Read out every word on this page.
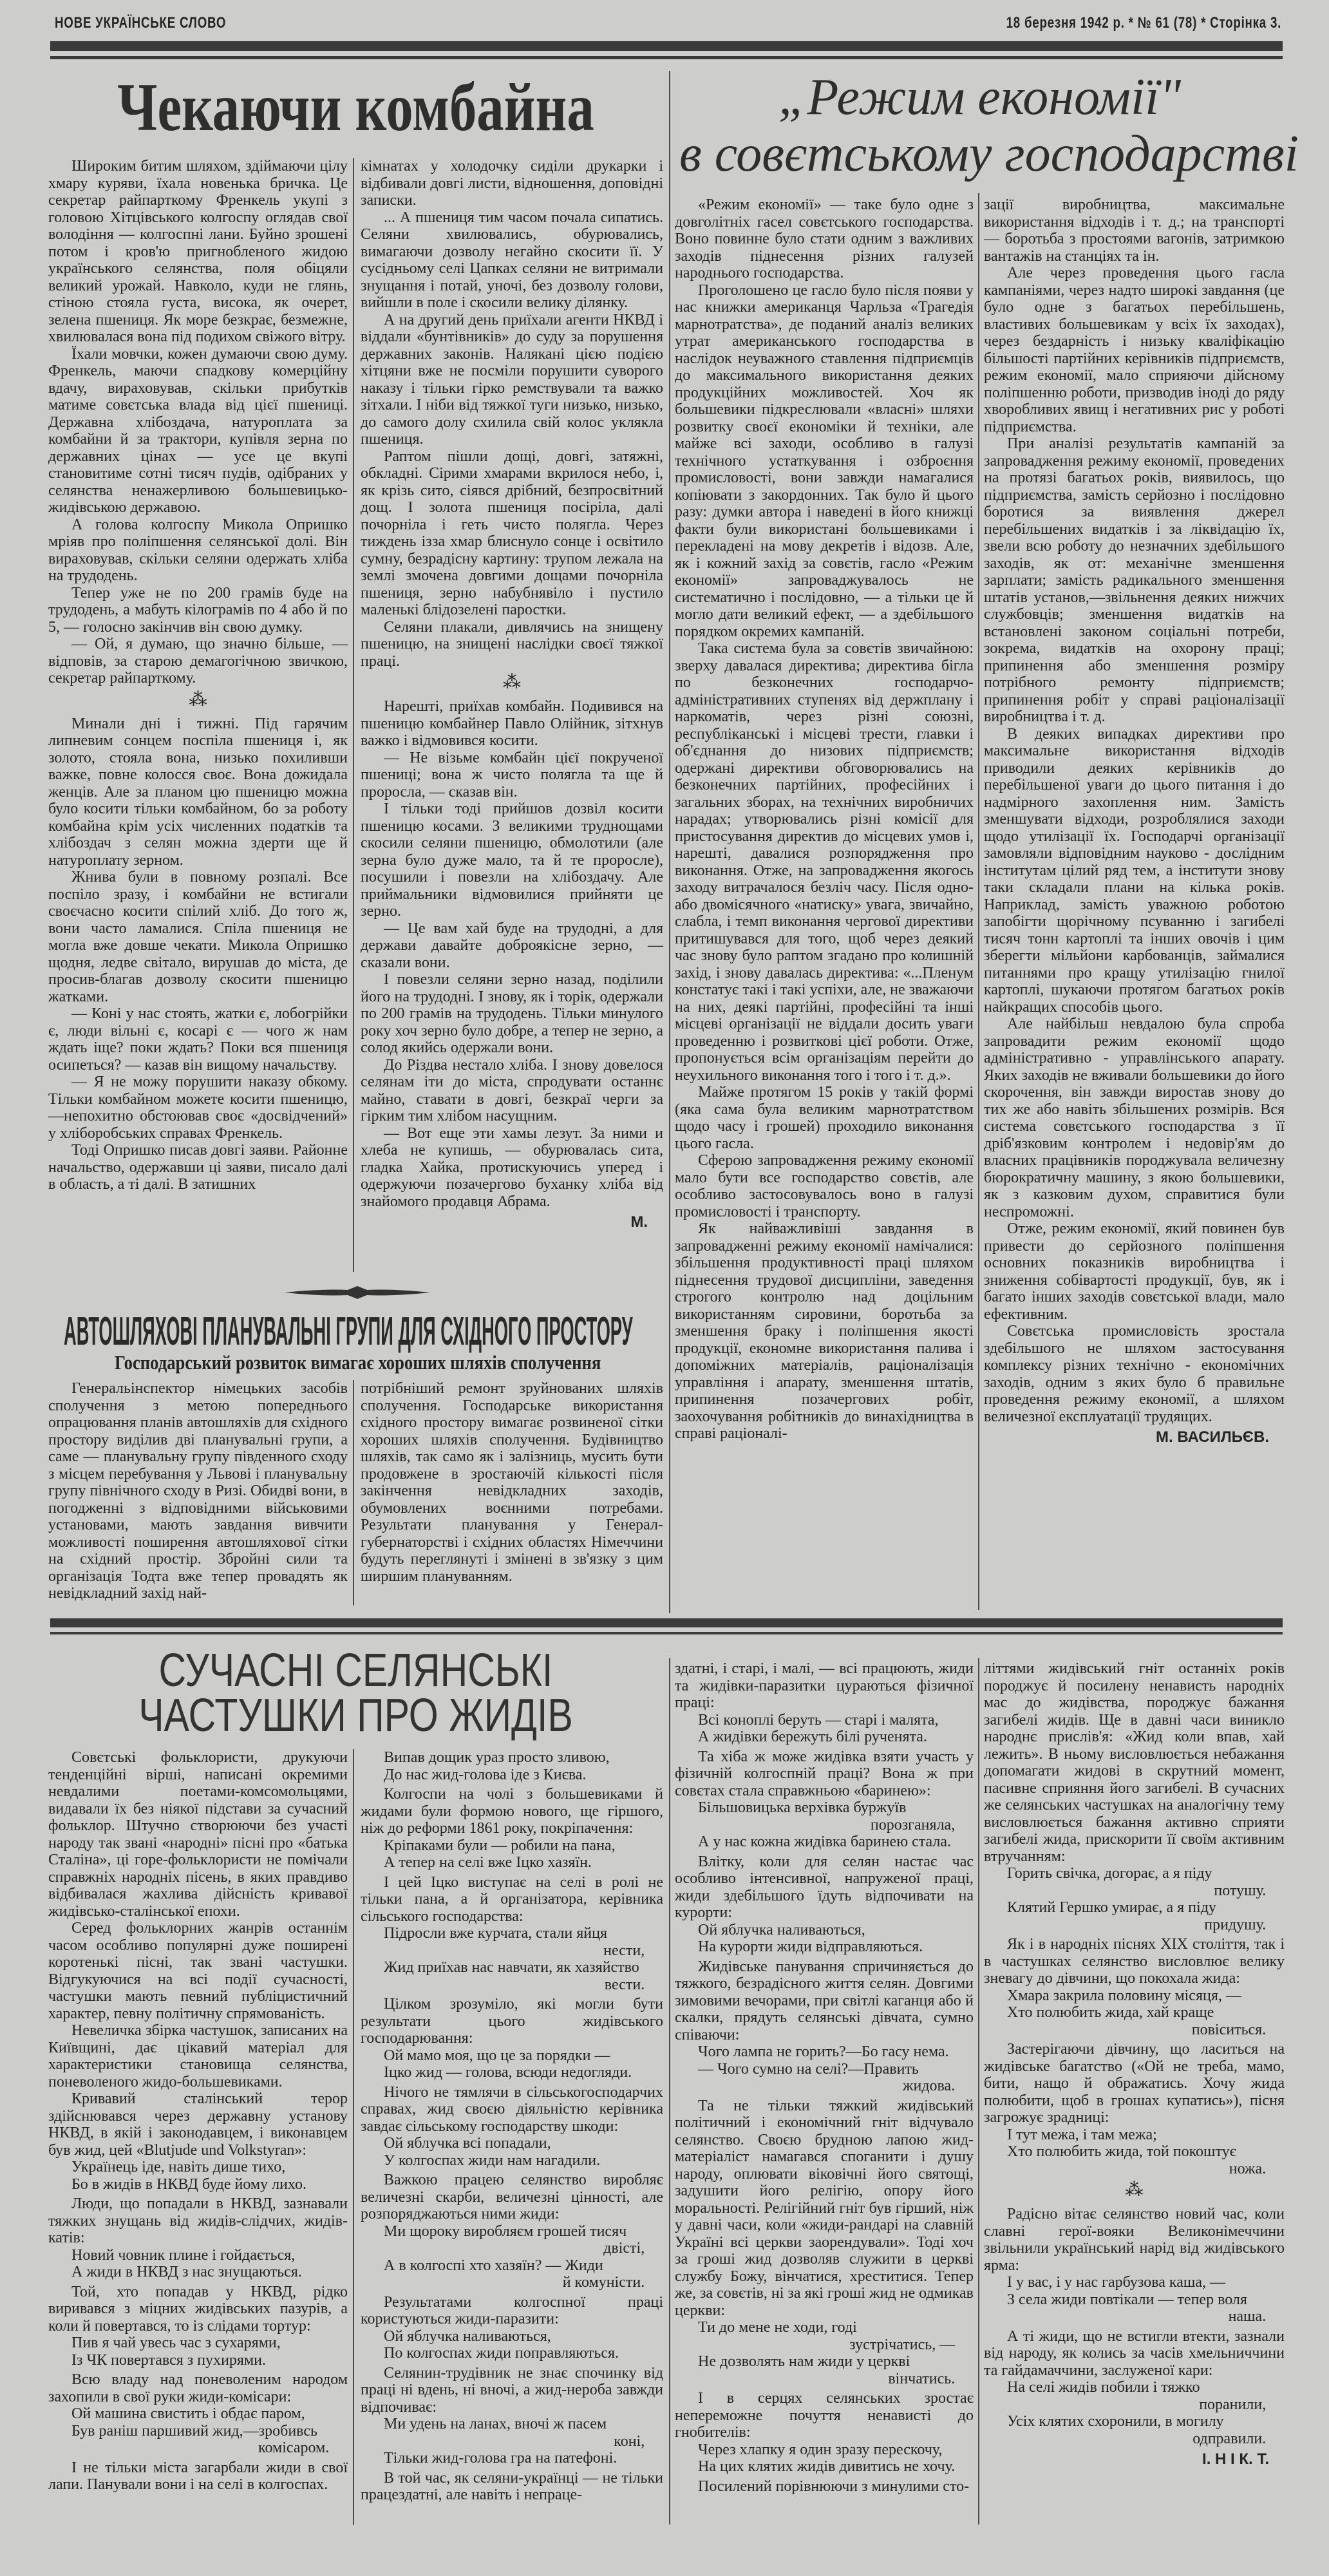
НОВЕ УКРАЇНСЬКЕ СЛОВО	18 березня 1942 р. * № 61 (78) * Сторінка 3.
Чекаючи комбайна

Широким битим шляхом, здіймаючи цілу хмару куряви, їхала новенька бричка. Це секретар райпарткому Френкель укупі з головою Хітцівського колгоспу оглядав свої володіння — колгоспні лани. Буйно зрошені потом і кров'ю пригнобленого жидою українського селянства, поля обіцяли великий урожай. Навколо, куди не глянь, стіною стояла густа, висока, як очерет, зелена пшениця. Як море безкрає, безмежне, хвилювалася вона під подихом свіжого вітру.

Їхали мовчки, кожен думаючи свою думу. Френкель, маючи спадкову комерційну вдачу, вираховував, скільки прибутків матиме совєтська влада від цієї пшениці. Державна хлібоздача, натуроплата за комбайни й за трактори, купівля зерна по державних цінах — усе це вкупі становитиме сотні тисяч пудів, одібраних у селянства ненажерливою большевицько-жидівською державою.

А голова колгоспу Микола Опришко мріяв про поліпшення селянської долі. Він вираховував, скільки селяни одержать хліба на трудодень.

Тепер уже не по 200 грамів буде на трудодень, а мабуть кілограмів по 4 або й по 5, — голосно закінчив він свою думку.

— Ой, я думаю, що значно більше, — відповів, за старою демагогічною звичкою, секретар райпарткому.

⁂

Минали дні і тижні. Під гарячим липневим сонцем поспіла пшениця і, як золото, стояла вона, низько похиливши важке, повне колосся своє. Вона дожидала женців. Але за планом цю пшеницю можна було косити тільки комбайном, бо за роботу комбайна крім усіх численних податків та хлібоздач з селян можна здерти ще й натуроплату зерном.

Жнива були в повному розпалі. Все поспіло зразу, і комбайни не встигали своєчасно косити спілий хліб. До того ж, вони часто ламалися. Спіла пшениця не могла вже довше чекати. Микола Опришко щодня, ледве світало, вирушав до міста, де просив-благав дозволу скосити пшеницю жатками.

— Коні у нас стоять, жатки є, лобогрійки є, люди вільні є, косарі є — чого ж нам ждать іще? поки ждать? Поки вся пшениця осипеться? — казав він вищому начальству.

— Я не можу порушити наказу обкому. Тільки комбайном можете косити пшеницю,—непохитно обстоював своє «досвідчений» у хліборобських справах Френкель.

Тоді Опришко писав довгі заяви. Районне начальство, одержавши ці заяви, писало далі в область, а ті далі. В затишних

кімнатах у холодочку сиділи друкарки і відбивали довгі листи, відношення, доповідні записки.

... А пшениця тим часом почала сипатись. Селяни хвилювались, обурювались, вимагаючи дозволу негайно скосити її. У сусідньому селі Цапках селяни не витримали знущання і потай, уночі, без дозволу голови, вийшли в поле і скосили велику ділянку.

А на другий день приїхали агенти НКВД і віддали «бунтівників» до суду за порушення державних законів. Налякані цією подією хітцяни вже не посміли порушити суворого наказу і тільки гірко ремствували та важко зітхали. І ніби від тяжкої туги низько, низько, до самого долу схилила свій колос уклякла пшениця.

Раптом пішли дощі, довгі, затяжні, обкладні. Сірими хмарами вкрилося небо, і, як крізь сито, сіявся дрібний, безпросвітний дощ. І золота пшениця посіріла, далі почорніла і геть чисто полягла. Через тиждень ізза хмар блиснуло сонце і освітило сумну, безрадісну картину: трупом лежала на землі змочена довгими дощами почорніла пшениця, зерно набубнявіло і пустило маленькі блідозелені паростки.

Селяни плакали, дивлячись на знищену пшеницю, на знищені наслідки своєї тяжкої праці.

⁂

Нарешті, приїхав комбайн. Подивився на пшеницю комбайнер Павло Олійник, зітхнув важко і відмовився косити.

— Не візьме комбайн цієї покрученої пшениці; вона ж чисто полягла та ще й проросла, — сказав він.

І тільки тоді прийшов дозвіл косити пшеницю косами. З великими труднощами скосили селяни пшеницю, обмолотили (але зерна було дуже мало, та й те проросле), посушили і повезли на хлібоздачу. Але приймальники відмовилися прийняти це зерно.

— Це вам хай буде на трудодні, а для держави давайте доброякісне зерно, — сказали вони.

І повезли селяни зерно назад, поділили його на трудодні. І знову, як і торік, одержали по 200 грамів на трудодень. Тільки минулого року хоч зерно було добре, а тепер не зерно, а солод якийсь одержали вони.

До Різдва нестало хліба. І знову довелося селянам іти до міста, спродувати останнє майно, ставати в довгі, безкраї черги за гірким тим хлібом насущним.

— Вот еще эти хамы лезут. За ними и хлеба не купишь, — обурювалась сита, гладка Хайка, протискуючись уперед і одержуючи позачергово буханку хліба від знайомого продавця Абрама.

М.

АВТОШЛЯХОВІ ПЛАНУВАЛЬНІ ГРУПИ ДЛЯ СХІДНОГО ПРОСТОРУ
Господарський розвиток вимагає хороших шляхів сполучення

Генеральінспектор німецьких засобів сполучення з метою попереднього опрацювання планів автошляхів для східного простору виділив дві планувальні групи, а саме — планувальну групу південного сходу з місцем перебування у Львові і планувальну групу північного сходу в Ризі. Обидві вони, в погодженні з відповідними військовими установами, мають завдання вивчити можливості поширення автошляхової сітки на східний простір. Збройні сили та організація Тодта вже тепер провадять як невідкладний захід най-

потрібніший ремонт зруйнованих шляхів сполучення. Господарське використання східного простору вимагає розвиненої сітки хороших шляхів сполучення. Будівництво шляхів, так само як і залізниць, мусить бути продовжене в зростаючій кількості після закінчення невідкладних заходів, обумовлених воєнними потребами. Результати планування у Генерал-губернаторстві і східних областях Німеччини будуть переглянуті і змінені в зв'язку з цим ширшим плануванням.

„Режим економії"
в совєтському господарстві

«Режим економії» — таке було одне з довголітніх гасел совєтського господарства. Воно повинне було стати одним з важливих заходів піднесення різних галузей народнього господарства.

Проголошено це гасло було після появи у нас книжки американця Чарльза «Трагедія марнотратства», де поданий аналіз великих утрат американського господарства в наслідок неуважного ставлення підприємців до максимального використання деяких продукційних можливостей. Хоч як большевики підкреслювали «власні» шляхи розвитку своєї економіки й техніки, але майже всі заходи, особливо в галузі технічного устаткування і озброєння промисловості, вони завжди намагалися копіювати з закордонних. Так було й цього разу: думки автора і наведені в його книжці факти були використані большевиками і перекладені на мову декретів і відозв. Але, як і кожний захід за совєтів, гасло «Режим економії» запроваджувалось не систематично і послідовно, — а тільки це й могло дати великий ефект, — а здебільшого порядком окремих кампаній.

Така система була за совєтів звичайною: зверху давалася директива; директива бігла по безконечних господарчо-адміністративних ступенях від держплану і наркоматів, через різні союзні, республіканські і місцеві трести, главки і об'єднання до низових підприємств; одержані директиви обговорювались на безконечних партійних, професійних і загальних зборах, на технічних виробничих нарадах; утворювались різні комісії для пристосування директив до місцевих умов і, нарешті, давалися розпорядження про виконання. Отже, на запровадження якогось заходу витрачалося безліч часу. Після одно- або двомісячного «натиску» увага, звичайно, слабла, і темп виконання чергової директиви притишувався для того, щоб через деякий час знову було раптом згадано про колишній захід, і знову давалась директива: «...Пленум констатує такі і такі успіхи, але, не зважаючи на них, деякі партійні, професійні та інші місцеві організації не віддали досить уваги проведенню і розвиткові цієї роботи. Отже, пропонується всім організаціям перейти до неухильного виконання того і того і т. д.».

Майже протягом 15 років у такій формі (яка сама була великим марнотратством щодо часу і грошей) проходило виконання цього гасла.

Сферою запровадження режиму економії мало бути все господарство совєтів, але особливо застосовувалось воно в галузі промисловості і транспорту.

Як найважливіші завдання в запровадженні режиму економії намічалися: збільшення продуктивності праці шляхом піднесення трудової дисципліни, заведення строгого контролю над доцільним використанням сировини, боротьба за зменшення браку і поліпшення якості продукції, економне використання палива і допоміжних матеріалів, раціоналізація управління і апарату, зменшення штатів, припинення позачергових робіт, заохочування робітників до винахідництва в справі раціоналі-

зації виробництва, максимальне використання відходів і т. д.; на транспорті — боротьба з простоями вагонів, затримкою вантажів на станціях та ін.

Але через проведення цього гасла кампаніями, через надто широкі завдання (це було одне з багатьох перебільшень, властивих большевикам у всіх їх заходах), через бездарність і низьку кваліфікацію більшості партійних керівників підприємств, режим економії, мало сприяючи дійсному поліпшенню роботи, призводив іноді до ряду хворобливих явищ і негативних рис у роботі підприємства.

При аналізі результатів кампаній за запровадження режиму економії, проведених на протязі багатьох років, виявилось, що підприємства, замість серйозно і послідовно боротися за виявлення джерел перебільшених видатків і за ліквідацію їх, звели всю роботу до незначних здебільшого заходів, як от: механічне зменшення зарплати; замість радикального зменшення штатів установ,—звільнення деяких нижчих службовців; зменшення видатків на встановлені законом соціальні потреби, зокрема, видатків на охорону праці; припинення або зменшення розміру потрібного ремонту підприємств; припинення робіт у справі раціоналізації виробництва і т. д.

В деяких випадках директиви про максимальне використання відходів приводили деяких керівників до перебільшеної уваги до цього питання і до надмірного захоплення ним. Замість зменшувати відходи, розроблялися заходи щодо утилізації їх. Господарчі організації замовляли відповідним науково - дослідним інститутам цілий ряд тем, а інститути знову таки складали плани на кілька років. Наприклад, замість уважною роботою запобігти щорічному псуванню і загибелі тисяч тонн картоплі та інших овочів і цим зберегти мільйони карбованців, займалися питаннями про кращу утилізацію гнилої картоплі, шукаючи протягом багатьох років найкращих способів цього.

Але найбільш невдалою була спроба запровадити режим економії щодо адміністративно - управлінського апарату. Яких заходів не вживали большевики до його скорочення, він завжди виростав знову до тих же або навіть збільшених розмірів. Вся система совєтського господарства з її дріб'язковим контролем і недовір'ям до власних працівників породжувала величезну бюрократичну машину, з якою большевики, як з казковим духом, справитися були неспроможні.

Отже, режим економії, який повинен був привести до серйозного поліпшення основних показників виробництва і зниження собівартості продукції, був, як і багато інших заходів совєтської влади, мало ефективним.

Совєтська промисловість зростала здебільшого не шляхом застосування комплексу різних технічно - економічних заходів, одним з яких було б правильне проведення режиму економії, а шляхом величезної експлуатації трудящих.

М. ВАСИЛЬЄВ.

СУЧАСНІ СЕЛЯНСЬКІ
ЧАСТУШКИ ПРО ЖИДІВ

Совєтські фольклористи, друкуючи тенденційні вірші, написані окремими невдалими поетами-комсомольцями, видавали їх без ніякої підстави за сучасний фольклор. Штучно створюючи без участі народу так звані «народні» пісні про «батька Сталіна», ці горе-фольклористи не помічали справжніх народніх пісень, в яких правдиво відбивалася жахлива дійсність кривавої жидівсько-сталінської епохи.

Серед фольклорних жанрів останнім часом особливо популярні дуже поширені коротенькі пісні, так звані частушки. Відгукуючися на всі події сучасності, частушки мають певний публіцистичний характер, певну політичну спрямованість.

Невеличка збірка частушок, записаних на Київщині, дає цікавий матеріал для характеристики становища селянства, поневоленого жидо-большевиками.

Кривавий сталінський терор здійснювався через державну установу НКВД, в якій і законодавцем, і виконавцем був жид, цей «Blutjude und Volkstyran»:

Українець іде, навіть дише тихо,

Бо в жидів в НКВД буде йому лихо.

Люди, що попадали в НКВД, зазнавали тяжких знущань від жидів-слідчих, жидів-катів:

Новий човник плине і гойдається,

А жиди в НКВД з нас знущаються.

Той, хто попадав у НКВД, рідко виривався з міцних жидівських пазурів, а коли й повертався, то із слідами тортур:

Пив я чай увесь час з сухарями,

Із ЧК повертався з пухирями.

Всю владу над поневоленим народом захопили в свої руки жиди-комісари:

Ой машина свистить і обдає паром,

Був раніш паршивий жид,—зробивсь

комісаром.

І не тільки міста загарбали жиди в свої лапи. Панували вони і на селі в колгоспах.

Випав дощик ураз просто зливою,

До нас жид-голова іде з Києва.

Колгоспи на чолі з большевиками й жидами були формою нового, ще гіршого, ніж до реформи 1861 року, покріпачення:

Кріпаками були — робили на пана,

А тепер на селі вже Іцко хазяїн.

І цей Іцко виступає на селі в ролі не тільки пана, а й організатора, керівника сільського господарства:

Підросли вже курчата, стали яйця

нести,

Жид приїхав нас навчати, як хазяйство

вести.

Цілком зрозуміло, які могли бути результати цього жидівського господарювання:

Ой мамо моя, що це за порядки —

Іцко жид — голова, всюди недогляди.

Нічого не тямлячи в сільськогосподарчих справах, жид своєю діяльністю керівника завдає сільському господарству шкоди:

Ой яблучка всі попадали,

У колгоспах жиди нам нагадили.

Важкою працею селянство виробляє величезні скарби, величезні цінності, але розпоряджаються ними жиди:

Ми щороку виробляєм грошей тисяч

двісті,

А в колгоспі хто хазяїн? — Жиди

й комуністи.

Результатами колгоспної праці користуються жиди-паразити:

Ой яблучка наливаються,

По колгоспах жиди поправляються.

Селянин-трудівник не знає спочинку від праці ні вдень, ні вночі, а жид-нероба завжди відпочиває:

Ми удень на ланах, вночі ж пасем

коні,

Тільки жид-голова гра на патефоні.

В той час, як селяни-українці — не тільки працездатні, але навіть і непраце-

здатні, і старі, і малі, — всі працюють, жиди та жидівки-паразитки цураються фізичної праці:

Всі коноплі беруть — старі і малята,

А жидівки бережуть білі рученята.

Та хіба ж може жидівка взяти участь у фізичній колгоспній праці? Вона ж при совєтах стала справжньою «баринею»:

Більшовицька верхівка буржуїв

порозганяла,

А у нас кожна жидівка баринею стала.

Влітку, коли для селян настає час особливо інтенсивної, напруженої праці, жиди здебільшого їдуть відпочивати на курорти:

Ой яблучка наливаються,

На курорти жиди відправляються.

Жидівське панування спричиняється до тяжкого, безрадісного життя селян. Довгими зимовими вечорами, при світлі каганця або й скалки, прядуть селянські дівчата, сумно співаючи:

Чого лампа не горить?—Бо гасу нема.

— Чого сумно на селі?—Править

жидова.

Та не тільки тяжкий жидівський політичний і економічний гніт відчувало селянство. Своєю брудною лапою жид-матеріаліст намагався споганити і душу народу, оплювати віковічні його святощі, задушити його релігію, опору його моральності. Релігійний гніт був гірший, ніж у давні часи, коли «жиди-рандарі на славній Україні всі церкви заорендували». Тоді хоч за гроші жид дозволяв служити в церкві службу Божу, вінчатися, хреститися. Тепер же, за совєтів, ні за які гроші жид не одмикав церкви:

Ти до мене не ходи, годі

зустрічатись, —

Не дозволять нам жиди у церкві

вінчатись.

І в серцях селянських зростає непереможне почуття ненависті до гнобителів:

Через хлапку я один зразу перескочу,

На цих клятих жидів дивитись не хочу.

Посилений порівнюючи з минулими сто-

літтями жидівський гніт останніх років породжує й посилену ненависть народніх мас до жидівства, породжує бажання загибелі жидів. Ще в давні часи виникло народнє прислів'я: «Жид коли впав, хай лежить». В ньому висловлюється небажання допомагати жидові в скрутний момент, пасивне сприяння його загибелі. В сучасних же селянських частушках на аналогічну тему висловлюється бажання активно сприяти загибелі жида, прискорити її своїм активним втручанням:

Горить свічка, догорає, а я піду

потушу.

Клятий Гершко умирає, а я піду

придушу.

Як і в народніх піснях XIX століття, так і в частушках селянство висловлює велику зневагу до дівчини, що покохала жида:

Хмара закрила половину місяця, —

Хто полюбить жида, хай краще

повіситься.

Застерігаючи дівчину, що ласиться на жидівське багатство («Ой не треба, мамо, бити, нащо й ображатись. Хочу жида полюбити, щоб в грошах купатись»), пісня загрожує зрадниці:

І тут межа, і там межа;

Хто полюбить жида, той покоштує

ножа.

⁂

Радісно вітає селянство новий час, коли славні герої-вояки Великонімеччини звільнили український нарід від жидівського ярма:

І у вас, і у нас гарбузова каша, —

З села жиди повтікали — тепер воля

наша.

А ті жиди, що не встигли втекти, зазнали від народу, як колись за часів хмельниччини та гайдамаччини, заслуженої кари:

На селі жидів побили і тяжко

поранили,

Усіх клятих схоронили, в могилу

одправили.

І. Н І К. Т.
